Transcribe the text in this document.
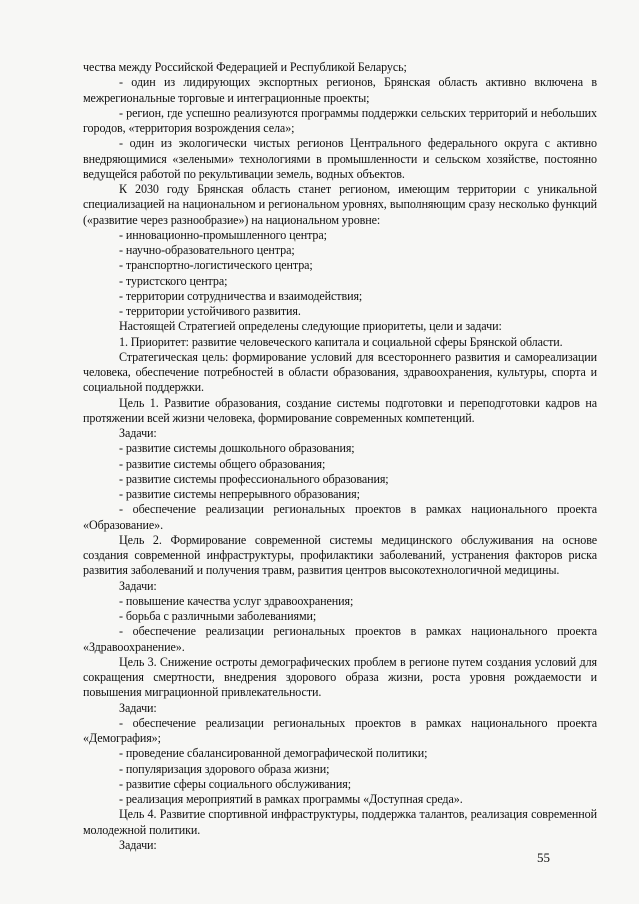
чества между Российской Федерацией и Республикой Беларусь;

- один из лидирующих экспортных регионов, Брянская область активно включена в межрегиональные торговые и интеграционные проекты;

- регион, где успешно реализуются программы поддержки сельских территорий и небольших городов, «территория возрождения села»;

- один из экологически чистых регионов Центрального федерального округа с активно внедряющимися «зелеными» технологиями в промышленности и сельском хозяйстве, постоянно ведущейся работой по рекультивации земель, водных объектов.

К 2030 году Брянская область станет регионом, имеющим территории с уникальной специализацией на национальном и региональном уровнях, выполняющим сразу несколько функций («развитие через разнообразие») на национальном уровне:

- инновационно-промышленного центра;

- научно-образовательного центра;

- транспортно-логистического центра;

- туристского центра;

- территории сотрудничества и взаимодействия;

- территории устойчивого развития.

Настоящей Стратегией определены следующие приоритеты, цели и задачи:

1. Приоритет: развитие человеческого капитала и социальной сферы Брянской области.

Стратегическая цель: формирование условий для всестороннего развития и самореализации человека, обеспечение потребностей в области образования, здравоохранения, культуры, спорта и социальной поддержки.

Цель 1. Развитие образования, создание системы подготовки и переподготовки кадров на протяжении всей жизни человека, формирование современных компетенций.

Задачи:

- развитие системы дошкольного образования;

- развитие системы общего образования;

- развитие системы профессионального образования;

- развитие системы непрерывного образования;

- обеспечение реализации региональных проектов в рамках национального проекта «Образование».

Цель 2. Формирование современной системы медицинского обслуживания на основе создания современной инфраструктуры, профилактики заболеваний, устранения факторов риска развития заболеваний и получения травм, развития центров высокотехнологичной медицины.

Задачи:

- повышение качества услуг здравоохранения;

- борьба с различными заболеваниями;

- обеспечение реализации региональных проектов в рамках национального проекта «Здравоохранение».

Цель 3. Снижение остроты демографических проблем в регионе путем создания условий для сокращения смертности, внедрения здорового образа жизни, роста уровня рождаемости и повышения миграционной привлекательности.

Задачи:

- обеспечение реализации региональных проектов в рамках национального проекта «Демография»;

- проведение сбалансированной демографической политики;

- популяризация здорового образа жизни;

- развитие сферы социального обслуживания;

- реализация мероприятий в рамках программы «Доступная среда».

Цель 4. Развитие спортивной инфраструктуры, поддержка талантов, реализация современной молодежной политики.

Задачи:

55
